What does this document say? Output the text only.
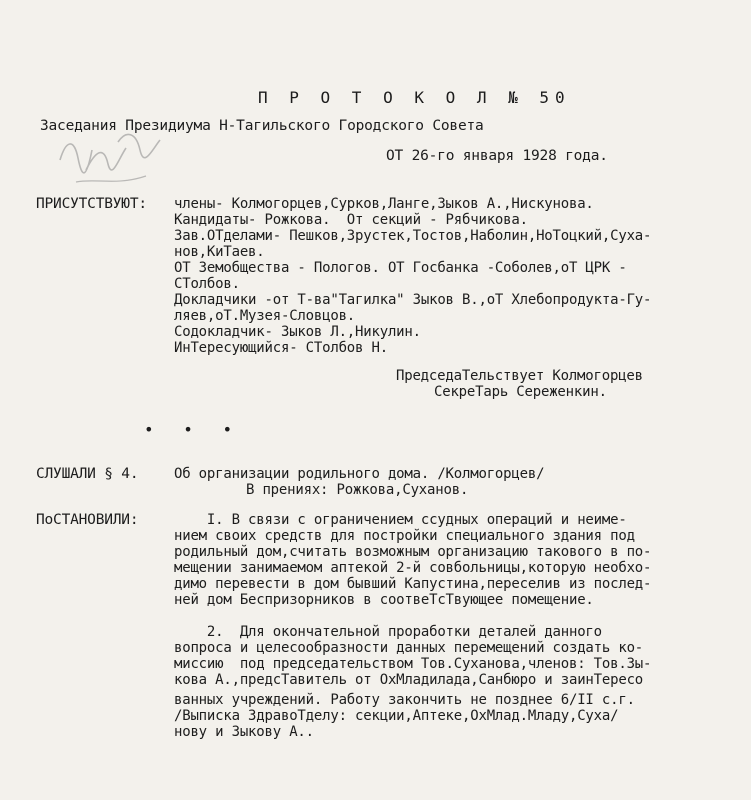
П Р О Т О К О Л № 50
Заседания Президиума Н-Тагильского Городского Совета
ОТ 26-го января 1928 года.
ПРИСУТСТВУЮТ: члены- Колмогорцев,Сурков,Ланге,Зыков А.,Нискунова.
Кандидаты- Рожкова.  От секций - Рябчикова.
Зав.ОТделами- Пешков,Зрустек,Тостов,Наболин,НоТоцкий,Суха-
нов,КиТаев.
ОТ Земобществa - Пологов. ОТ Госбанка -Соболев,оТ ЦРК -
СТолбов.
Докладчики -от Т-ва"Тагилка" Зыков В.,оТ Хлебопродукта-Гу-
ляев,оТ.Музея-Словцов.
Содокладчик- Зыков Л.,Никулин.
ИнТересующийся- СТолбов Н.
ПредседаТельствует Колмогорцев
СекреТарь Сереженкин.
• • •
СЛУШАЛИ § 4.	Об организации родильного дома. /Колмогорцев/
В прениях: Рожкова,Суханов.
ПоСТАНОВИЛИ:	I. В связи с ограничением ссудных операций и неиме-
нием своих средств для постройки специального здания под
родильный дом,считать возможным организацию такового в по-
мещении занимаемом аптекой 2-й совбольницы,которую необхо-
димо перевести в дом бывший Капустина,переселив из послед-
ней дом Беспризорников в соотвеТсТвующее помещение.
2.  Для окончательной проработки деталей данного
вопроса и целесообразности данных перемещений создать ко-
миссию  под председательством Тов.Суханова,членов: Тов.Зы-
кова А.,предсТавитель от ОхМладилада,Санбюро и заинТересо
ванных учреждений. Работу закончить не позднее 6/II с.г.
/Выписка ЗдравоТделу: секции,Аптеке,ОхМлад.Младу,Суха/
нову и Зыкову А..
